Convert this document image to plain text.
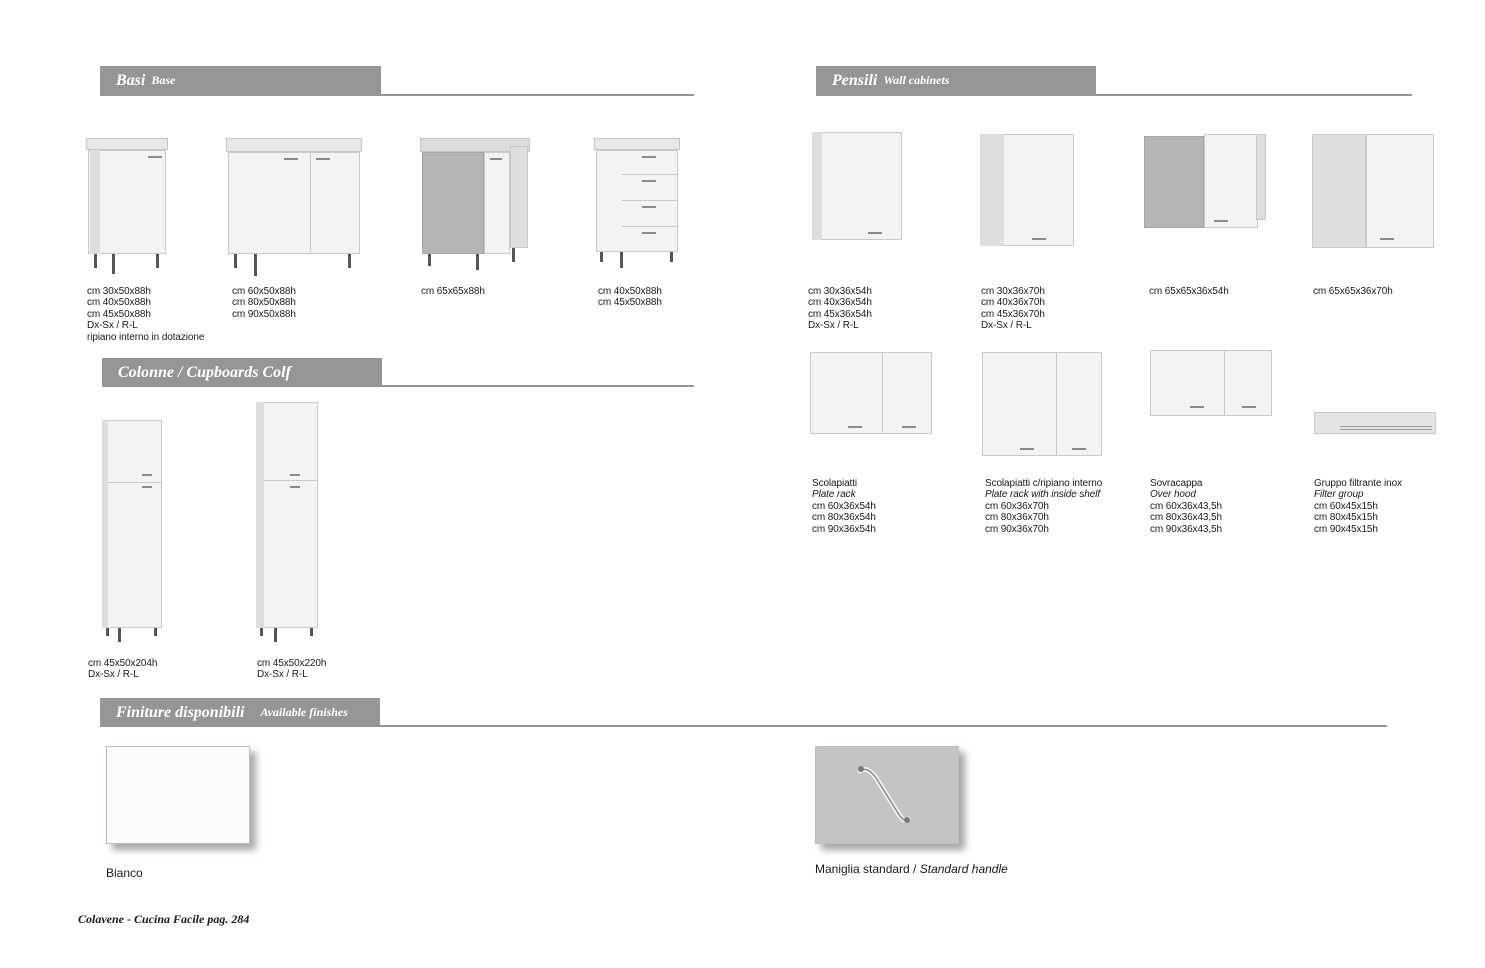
Basi Base	Pensili Wall cabinets
Colonne / Cupboards Colf
Finiture disponibili Available finishes
cm 30x50x88h
cm 40x50x88h
cm 45x50x88h
Dx-Sx / R-L
ripiano interno in dotazione
cm 60x50x88h
cm 80x50x88h
cm 90x50x88h
cm 65x65x88h	cm 40x50x88h
cm 45x50x88h
cm 30x36x54h
cm 40x36x54h
cm 45x36x54h
Dx-Sx / R-L
cm 30x36x70h
cm 40x36x70h
cm 45x36x70h
Dx-Sx / R-L
cm 65x65x36x54h	cm 65x65x36x70h
Scolapiatti
Plate rack
cm 60x36x54h
cm 80x36x54h
cm 90x36x54h
Scolapiatti c/ripiano interno
Plate rack with inside shelf
cm 60x36x70h
cm 80x36x70h
cm 90x36x70h
Sovracappa
Over hood
cm 60x36x43,5h
cm 80x36x43,5h
cm 90x36x43,5h
Gruppo filtrante inox
Filter group
cm 60x45x15h
cm 80x45x15h
cm 90x45x15h
cm 45x50x204h
Dx-Sx / R-L
cm 45x50x220h
Dx-Sx / R-L
Bianco	Maniglia standard / Standard handle
Colavene - Cucina Facile pag. 284
